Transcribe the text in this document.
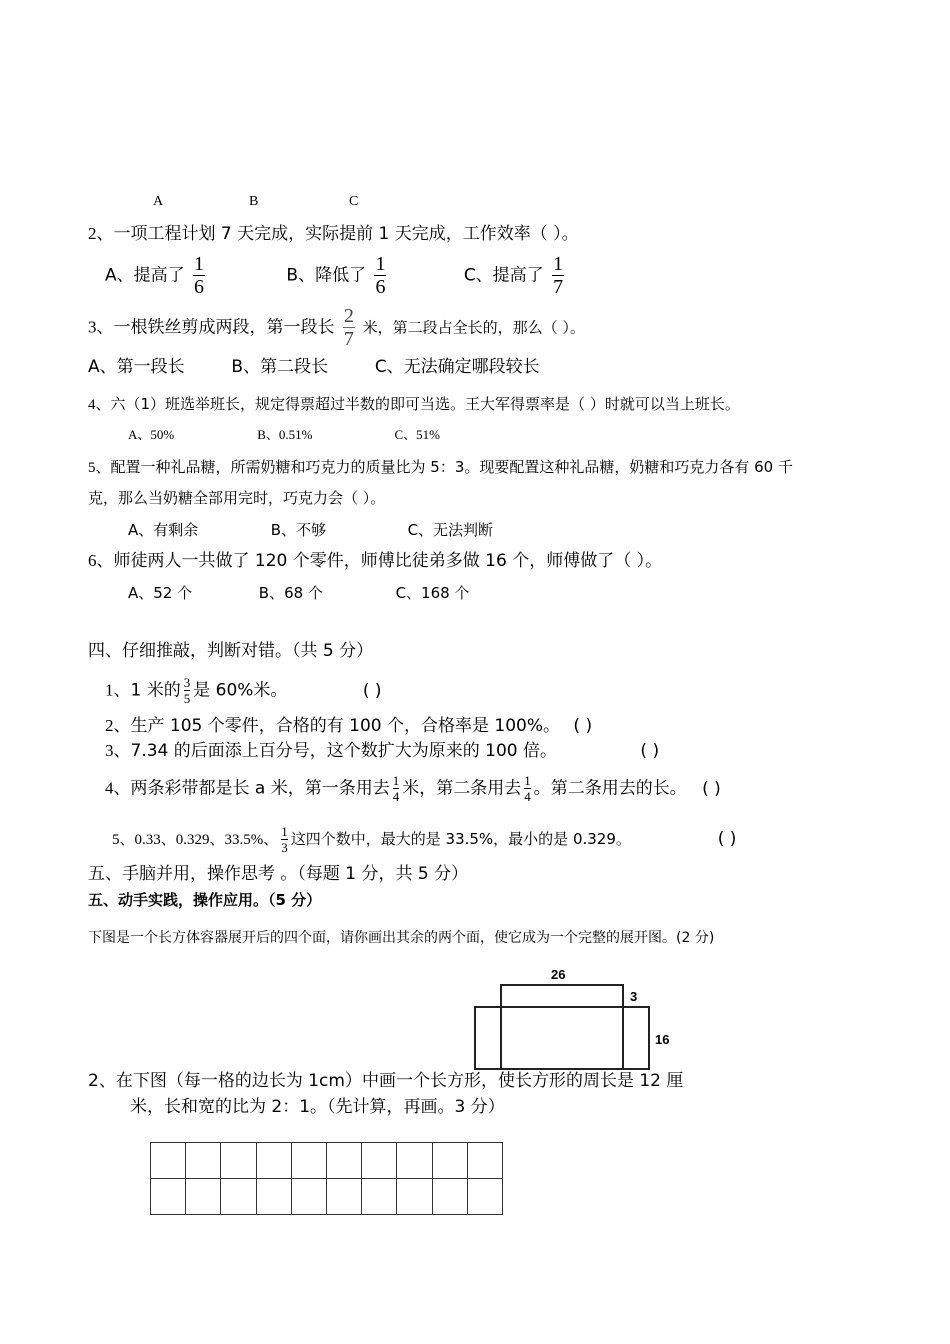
A	B	C
2、一项工程计划 7 天完成，实际提前 1 天完成，工作效率（ ）。
A、提高了 $\frac{1}{6}$	B、降低了 $\frac{1}{6}$	C、提高了 $\frac{1}{7}$
3、一根铁丝剪成两段，第一段长 $\frac{2}{7}$ 米，第二段占全长的，那么（ ）。
A、第一段长	B、第二段长	C、无法确定哪段较长
4、六（1）班选举班长，规定得票超过半数的即可当选。王大军得票率是（ ）时就可以当上班长。
A、50%	B、0.51%	C、51%
5、配置一种礼品糖，所需奶糖和巧克力的质量比为 5：3。现要配置这种礼品糖，奶糖和巧克力各有 60 千
克，那么当奶糖全部用完时，巧克力会（ ）。
A、有剩余	B、不够	C、无法判断
6、师徒两人一共做了 120 个零件，师傅比徒弟多做 16 个，师傅做了（ ）。
A、52 个	B、68 个	C、168 个
四、仔细推敲，判断对错。（共 5 分）
1、1 米的 $\frac{3}{5}$ 是 60%米。	( )
2、生产 105 个零件，合格的有 100 个，合格率是 100%。 ( )
3、7.34 的后面添上百分号，这个数扩大为原来的 100 倍。	( )
4、两条彩带都是长 a 米，第一条用去 $\frac{1}{4}$ 米，第二条用去 $\frac{1}{4}$ 。第二条用去的长。 ( )
5、0.33、0.329、33.5%、 $\frac{1}{3}$ 这四个数中，最大的是 33.5%，最小的是 0.329。	( )
五、手脑并用，操作思考 。（每题 1 分，共 5 分）
五、动手实践，操作应用。（5 分）
下图是一个长方体容器展开后的四个面，请你画出其余的两个面，使它成为一个完整的展开图。(2 分)
26
3
16
2、在下图（每一格的边长为 1cm）中画一个长方形，使长方形的周长是 12 厘
米，长和宽的比为 2：1。（先计算，再画。3 分）
